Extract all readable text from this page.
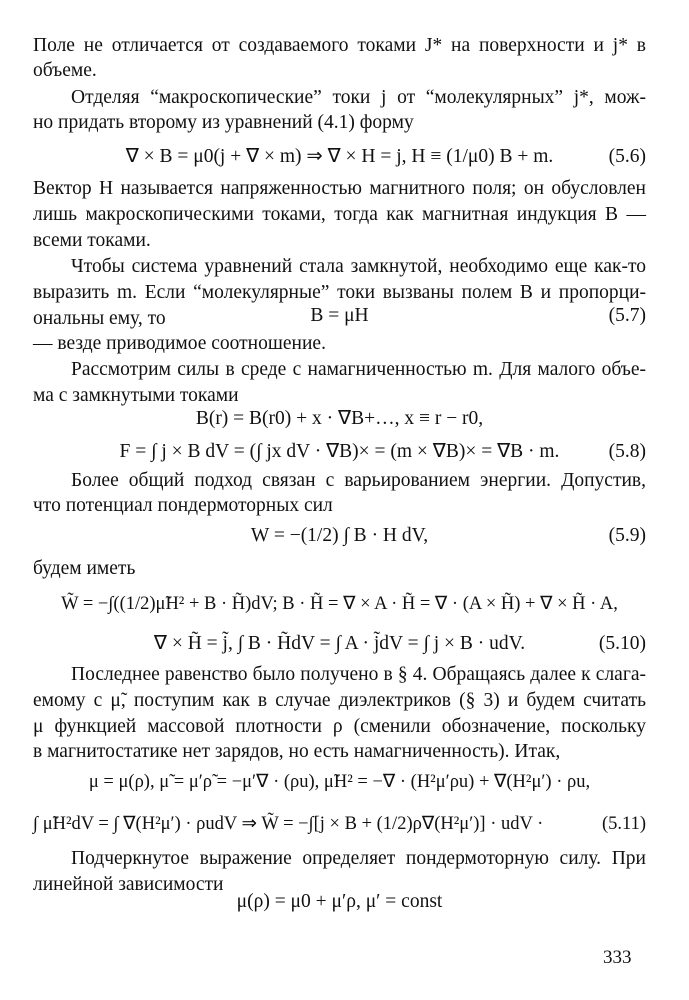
Поле не отличается от создаваемого токами J* на поверхности и j* в
объеме.
Отделяя “макроскопические” токи j от “молекулярных” j*, мож-
но придать второму из уравнений (4.1) форму
∇ × B = μ0(j + ∇ × m) ⇒ ∇ × H = j, H ≡ (1/μ0) B + m.	(5.6)
Вектор H называется напряженностью магнитного поля; он обусловлен
лишь макроскопическими токами, тогда как магнитная индукция B —
всеми токами.
Чтобы система уравнений стала замкнутой, необходимо еще как-то
выразить m. Если “молекулярные” токи вызваны полем B и пропорци-
ональны ему, то	B = μH	(5.7)
— везде приводимое соотношение.
Рассмотрим силы в среде с намагниченностью m. Для малого объе-
ма с замкнутыми токами
B(r) = B(r0) + x · ∇B+…, x ≡ r − r0,
F = ∫ j × B dV = (∫ jx dV · ∇B)× = (m × ∇B)× = ∇B · m.	(5.8)
Более общий подход связан с варьированием энергии. Допустив,
что потенциал пондермоторных сил
W = −(1/2) ∫ B · H dV,	(5.9)
будем иметь
W̃ = −∫((1/2)μ̃H² + B · H̃)dV; B · H̃ = ∇ × A · H̃ = ∇ · (A × H̃) + ∇ × H̃ · A,
∇ × H̃ = j̃, ∫ B · H̃dV = ∫ A · j̃dV = ∫ j × B · udV.	(5.10)
Последнее равенство было получено в § 4. Обращаясь далее к слага-
емому с μ̃, поступим как в случае диэлектриков (§ 3) и будем считать
μ функцией массовой плотности ρ (сменили обозначение, поскольку
в магнитостатике нет зарядов, но есть намагниченность). Итак,
μ = μ(ρ), μ̃ = μ′ρ̃ = −μ′∇ · (ρu), μ̃H² = −∇ · (H²μ′ρu) + ∇(H²μ′) · ρu,
∫ μ̃H²dV = ∫ ∇(H²μ′) · ρudV ⇒ W̃ = −∫[j × B + (1/2)ρ∇(H²μ′)] · udV ·	(5.11)
Подчеркнутое выражение определяет пондермоторную силу. При
линейной зависимости
μ(ρ) = μ0 + μ′ρ, μ′ = const
333
